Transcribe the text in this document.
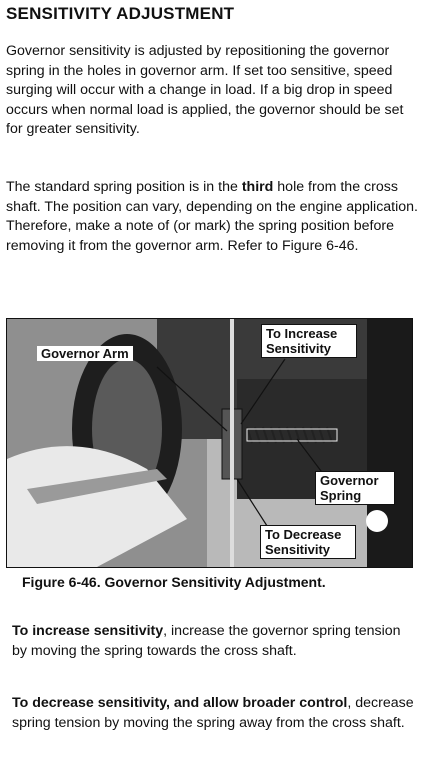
SENSITIVITY ADJUSTMENT

Governor sensitivity is adjusted by repositioning the governor spring in the holes in governor arm. If set too sensitive, speed surging will occur with a change in load. If a big drop in speed occurs when normal load is applied, the governor should be set for greater sensitivity.

The standard spring position is in the third hole from the cross shaft. The position can vary, depending on the engine application. Therefore, make a note of (or mark) the spring position before removing it from the governor arm. Refer to Figure 6-46.

Governor Arm
To Increase Sensitivity
Governor Spring
To Decrease Sensitivity
Figure 6-46. Governor Sensitivity Adjustment.

To increase sensitivity, increase the governor spring tension by moving the spring towards the cross shaft.

To decrease sensitivity, and allow broader control, decrease spring tension by moving the spring away from the cross shaft.
